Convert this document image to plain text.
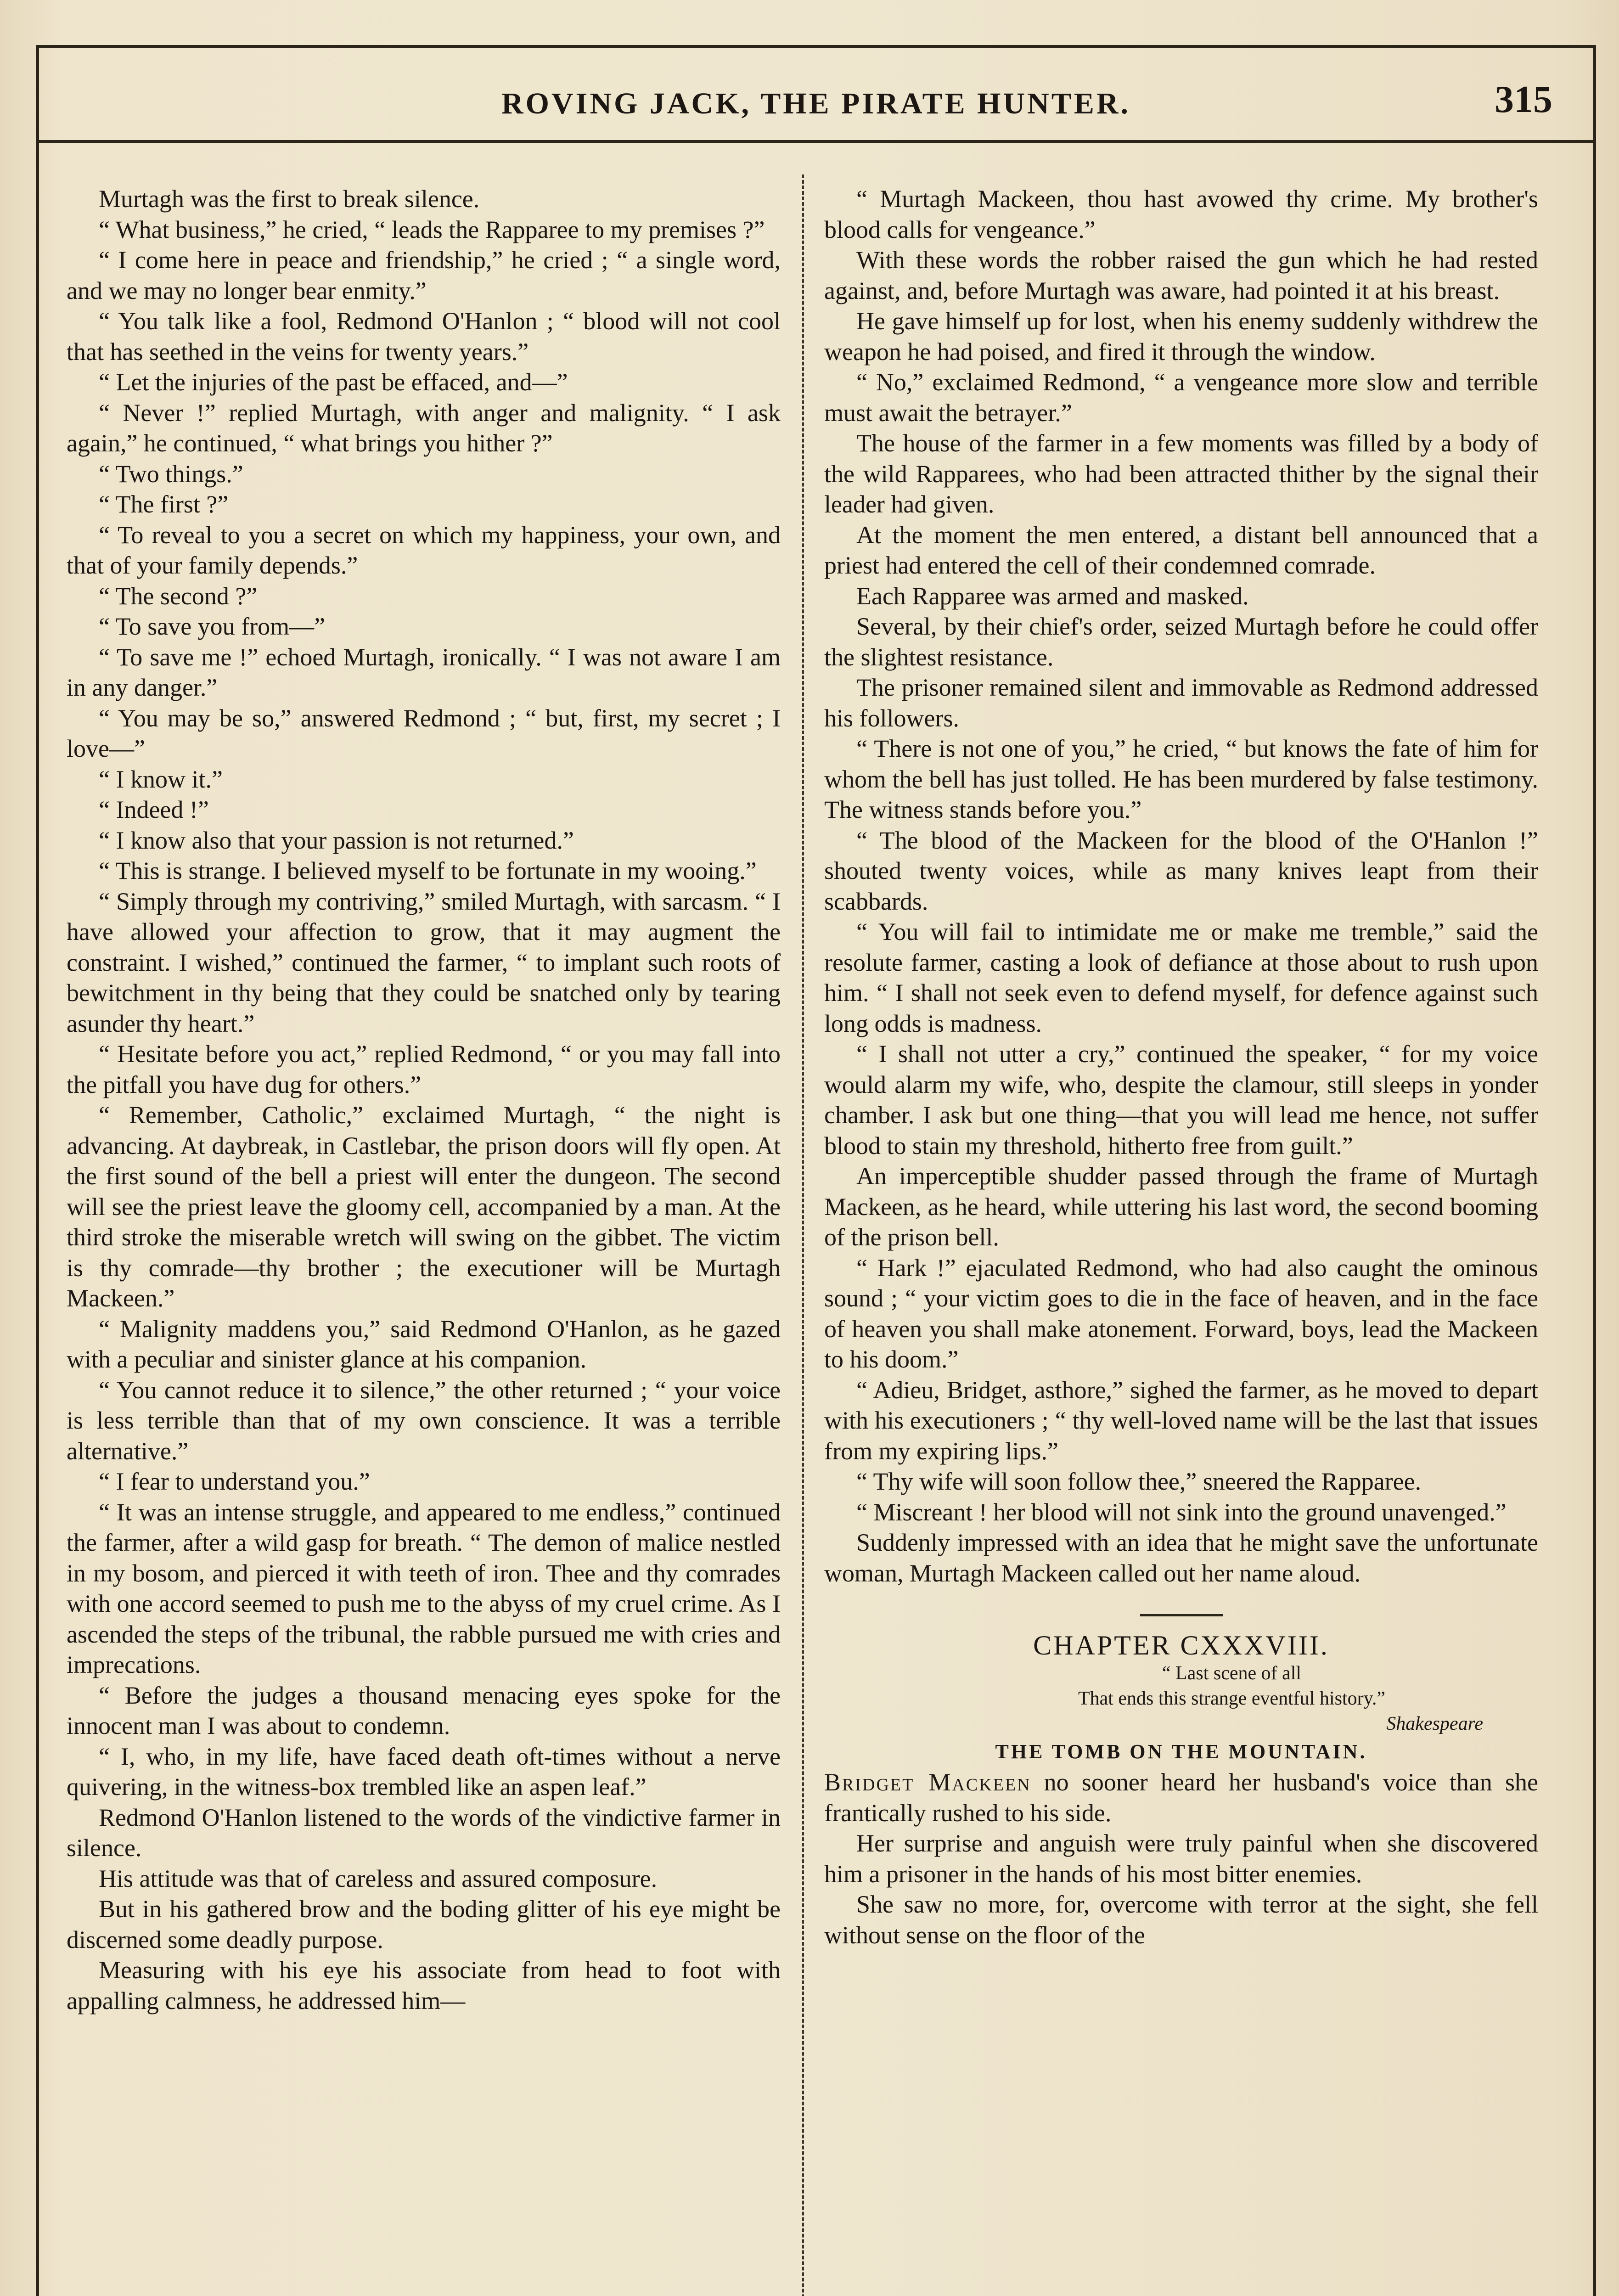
ROVING JACK, THE PIRATE HUNTER.	315

Murtagh was the first to break silence.

“ What business,” he cried, “ leads the Rapparee to my premises ?”

“ I come here in peace and friendship,” he cried ; “ a single word, and we may no longer bear enmity.”

“ You talk like a fool, Redmond O'Hanlon ; “ blood will not cool that has seethed in the veins for twenty years.”

“ Let the injuries of the past be effaced, and—”

“ Never !” replied Murtagh, with anger and malignity. “ I ask again,” he continued, “ what brings you hither ?”

“ Two things.”

“ The first ?”

“ To reveal to you a secret on which my happiness, your own, and that of your family depends.”

“ The second ?”

“ To save you from—”

“ To save me !” echoed Murtagh, ironically. “ I was not aware I am in any danger.”

“ You may be so,” answered Redmond ; “ but, first, my secret ; I love—”

“ I know it.”

“ Indeed !”

“ I know also that your passion is not returned.”

“ This is strange. I believed myself to be fortunate in my wooing.”

“ Simply through my contriving,” smiled Murtagh, with sarcasm. “ I have allowed your affection to grow, that it may augment the constraint. I wished,” continued the farmer, “ to implant such roots of bewitchment in thy being that they could be snatched only by tearing asunder thy heart.”

“ Hesitate before you act,” replied Redmond, “ or you may fall into the pitfall you have dug for others.”

“ Remember, Catholic,” exclaimed Murtagh, “ the night is advancing. At daybreak, in Castlebar, the prison doors will fly open. At the first sound of the bell a priest will enter the dungeon. The second will see the priest leave the gloomy cell, accompanied by a man. At the third stroke the miserable wretch will swing on the gibbet. The victim is thy comrade—thy brother ; the executioner will be Murtagh Mackeen.”

“ Malignity maddens you,” said Redmond O'Hanlon, as he gazed with a peculiar and sinister glance at his companion.

“ You cannot reduce it to silence,” the other returned ; “ your voice is less terrible than that of my own conscience. It was a terrible alternative.”

“ I fear to understand you.”

“ It was an intense struggle, and appeared to me endless,” continued the farmer, after a wild gasp for breath. “ The demon of malice nestled in my bosom, and pierced it with teeth of iron. Thee and thy comrades with one accord seemed to push me to the abyss of my cruel crime. As I ascended the steps of the tribunal, the rabble pursued me with cries and imprecations.

“ Before the judges a thousand menacing eyes spoke for the innocent man I was about to condemn.

“ I, who, in my life, have faced death oft-times without a nerve quivering, in the witness-box trembled like an aspen leaf.”

Redmond O'Hanlon listened to the words of the vindictive farmer in silence.

His attitude was that of careless and assured composure.

But in his gathered brow and the boding glitter of his eye might be discerned some deadly purpose.

Measuring with his eye his associate from head to foot with appalling calmness, he addressed him—

“ Murtagh Mackeen, thou hast avowed thy crime. My brother's blood calls for vengeance.”

With these words the robber raised the gun which he had rested against, and, before Murtagh was aware, had pointed it at his breast.

He gave himself up for lost, when his enemy suddenly withdrew the weapon he had poised, and fired it through the window.

“ No,” exclaimed Redmond, “ a vengeance more slow and terrible must await the betrayer.”

The house of the farmer in a few moments was filled by a body of the wild Rapparees, who had been attracted thither by the signal their leader had given.

At the moment the men entered, a distant bell announced that a priest had entered the cell of their condemned comrade.

Each Rapparee was armed and masked.

Several, by their chief's order, seized Murtagh before he could offer the slightest resistance.

The prisoner remained silent and immovable as Redmond addressed his followers.

“ There is not one of you,” he cried, “ but knows the fate of him for whom the bell has just tolled. He has been murdered by false testimony. The witness stands before you.”

“ The blood of the Mackeen for the blood of the O'Hanlon !” shouted twenty voices, while as many knives leapt from their scabbards.

“ You will fail to intimidate me or make me tremble,” said the resolute farmer, casting a look of defiance at those about to rush upon him. “ I shall not seek even to defend myself, for defence against such long odds is madness.

“ I shall not utter a cry,” continued the speaker, “ for my voice would alarm my wife, who, despite the clamour, still sleeps in yonder chamber. I ask but one thing—that you will lead me hence, not suffer blood to stain my threshold, hitherto free from guilt.”

An imperceptible shudder passed through the frame of Murtagh Mackeen, as he heard, while uttering his last word, the second booming of the prison bell.

“ Hark !” ejaculated Redmond, who had also caught the ominous sound ; “ your victim goes to die in the face of heaven, and in the face of heaven you shall make atonement. Forward, boys, lead the Mackeen to his doom.”

“ Adieu, Bridget, asthore,” sighed the farmer, as he moved to depart with his executioners ; “ thy well-loved name will be the last that issues from my expiring lips.”

“ Thy wife will soon follow thee,” sneered the Rapparee.

“ Miscreant ! her blood will not sink into the ground unavenged.”

Suddenly impressed with an idea that he might save the unfortunate woman, Murtagh Mackeen called out her name aloud.

CHAPTER CXXXVIII.

“ Last scene of all
That ends this strange eventful history.”
Shakespeare

THE TOMB ON THE MOUNTAIN.

Bridget Mackeen no sooner heard her husband's voice than she frantically rushed to his side.

Her surprise and anguish were truly painful when she discovered him a prisoner in the hands of his most bitter enemies.

She saw no more, for, overcome with terror at the sight, she fell without sense on the floor of the
